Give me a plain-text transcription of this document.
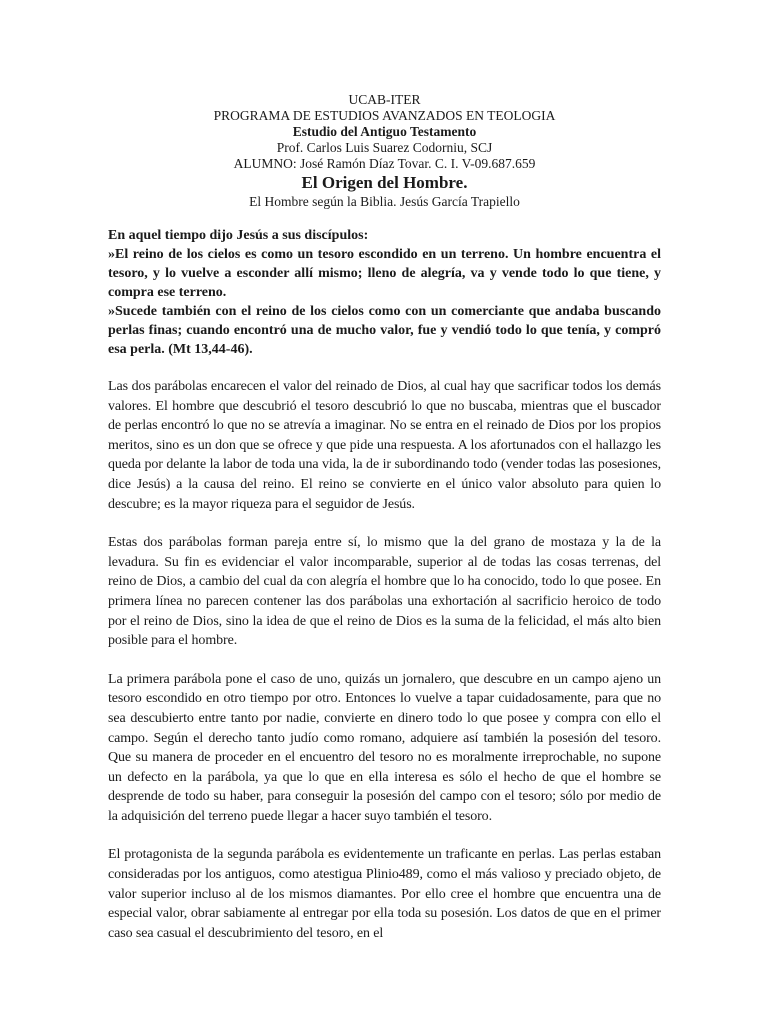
UCAB-ITER
PROGRAMA DE ESTUDIOS AVANZADOS EN TEOLOGIA
Estudio del Antiguo Testamento
Prof. Carlos Luis Suarez Codorniu, SCJ
ALUMNO: José Ramón Díaz Tovar. C. I. V-09.687.659
El Origen del Hombre.
El Hombre según la Biblia. Jesús García Trapiello

En aquel tiempo dijo Jesús a sus discípulos:

»El reino de los cielos es como un tesoro escondido en un terreno. Un hombre encuentra el tesoro, y lo vuelve a esconder allí mismo; lleno de alegría, va y vende todo lo que tiene, y compra ese terreno.

»Sucede también con el reino de los cielos como con un comerciante que andaba buscando perlas finas; cuando encontró una de mucho valor, fue y vendió todo lo que tenía, y compró esa perla. (Mt 13,44-46).

Las dos parábolas encarecen el valor del reinado de Dios, al cual hay que sacrificar todos los demás valores. El hombre que descubrió el tesoro descubrió lo que no buscaba, mientras que el buscador de perlas encontró lo que no se atrevía a imaginar. No se entra en el reinado de Dios por los propios meritos, sino es un don que se ofrece y que pide una respuesta. A los afortunados con el hallazgo les queda por delante la labor de toda una vida, la de ir subordinando todo (vender todas las posesiones, dice Jesús) a la causa del reino. El reino se convierte en el único valor absoluto para quien lo descubre; es la mayor riqueza para el seguidor de Jesús.

Estas dos parábolas forman pareja entre sí, lo mismo que la del grano de mostaza y la de la levadura. Su fin es evidenciar el valor incomparable, superior al de todas las cosas terrenas, del reino de Dios, a cambio del cual da con alegría el hombre que lo ha conocido, todo lo que posee. En primera línea no parecen contener las dos parábolas una exhortación al sacrificio heroico de todo por el reino de Dios, sino la idea de que el reino de Dios es la suma de la felicidad, el más alto bien posible para el hombre.

La primera parábola pone el caso de uno, quizás un jornalero, que descubre en un campo ajeno un tesoro escondido en otro tiempo por otro. Entonces lo vuelve a tapar cuidadosamente, para que no sea descubierto entre tanto por nadie, convierte en dinero todo lo que posee y compra con ello el campo. Según el derecho tanto judío como romano, adquiere así también la posesión del tesoro. Que su manera de proceder en el encuentro del tesoro no es moralmente irreprochable, no supone un defecto en la parábola, ya que lo que en ella interesa es sólo el hecho de que el hombre se desprende de todo su haber, para conseguir la posesión del campo con el tesoro; sólo por medio de la adquisición del terreno puede llegar a hacer suyo también el tesoro.

El protagonista de la segunda parábola es evidentemente un traficante en perlas. Las perlas estaban consideradas por los antiguos, como atestigua Plinio489, como el más valioso y preciado objeto, de valor superior incluso al de los mismos diamantes. Por ello cree el hombre que encuentra una de especial valor, obrar sabiamente al entregar por ella toda su posesión. Los datos de que en el primer caso sea casual el descubrimiento del tesoro, en el
